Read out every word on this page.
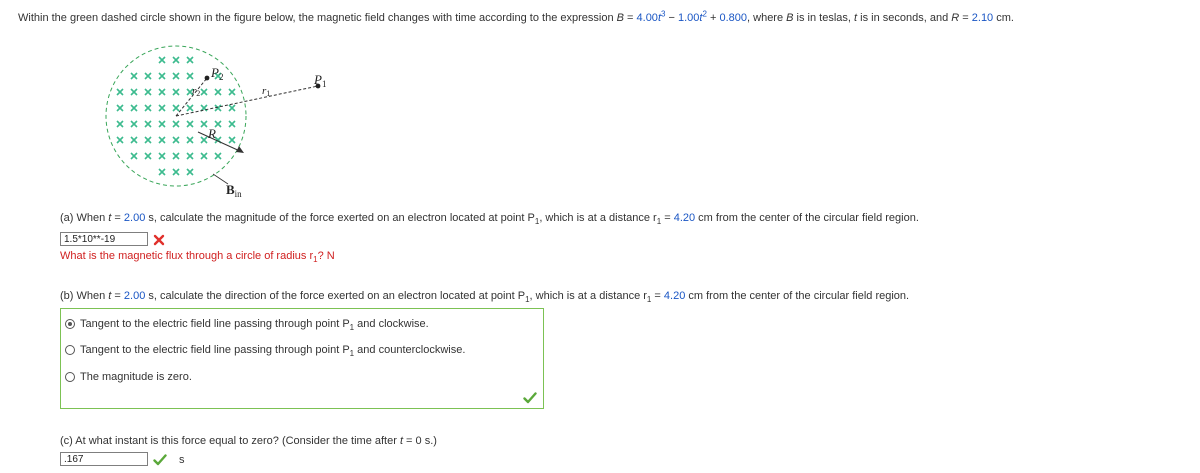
Within the green dashed circle shown in the figure below, the magnetic field changes with time according to the expression $B = 4.00t^3 - 1.00t^2 + 0.800$, where B is in teslas, t is in seconds, and R = 2.10 cm.
$P_2$
r2	r1
$P_1$
R
$B_{in}$
(a) When t = 2.00 s, calculate the magnitude of the force exerted on an electron located at point $P_1$, which is at a distance $r_1 = 4.20$ cm from the center of the circular field region.
1.5*10**-19
What is the magnetic flux through a circle of radius $r_1$? N
(b) When t = 2.00 s, calculate the direction of the force exerted on an electron located at point $P_1$, which is at a distance $r_1 = 4.20$ cm from the center of the circular field region.
Tangent to the electric field line passing through point $P_1$ and clockwise.
Tangent to the electric field line passing through point $P_1$ and counterclockwise.
The magnitude is zero.
(c) At what instant is this force equal to zero? (Consider the time after t = 0 s.)
.167	s
